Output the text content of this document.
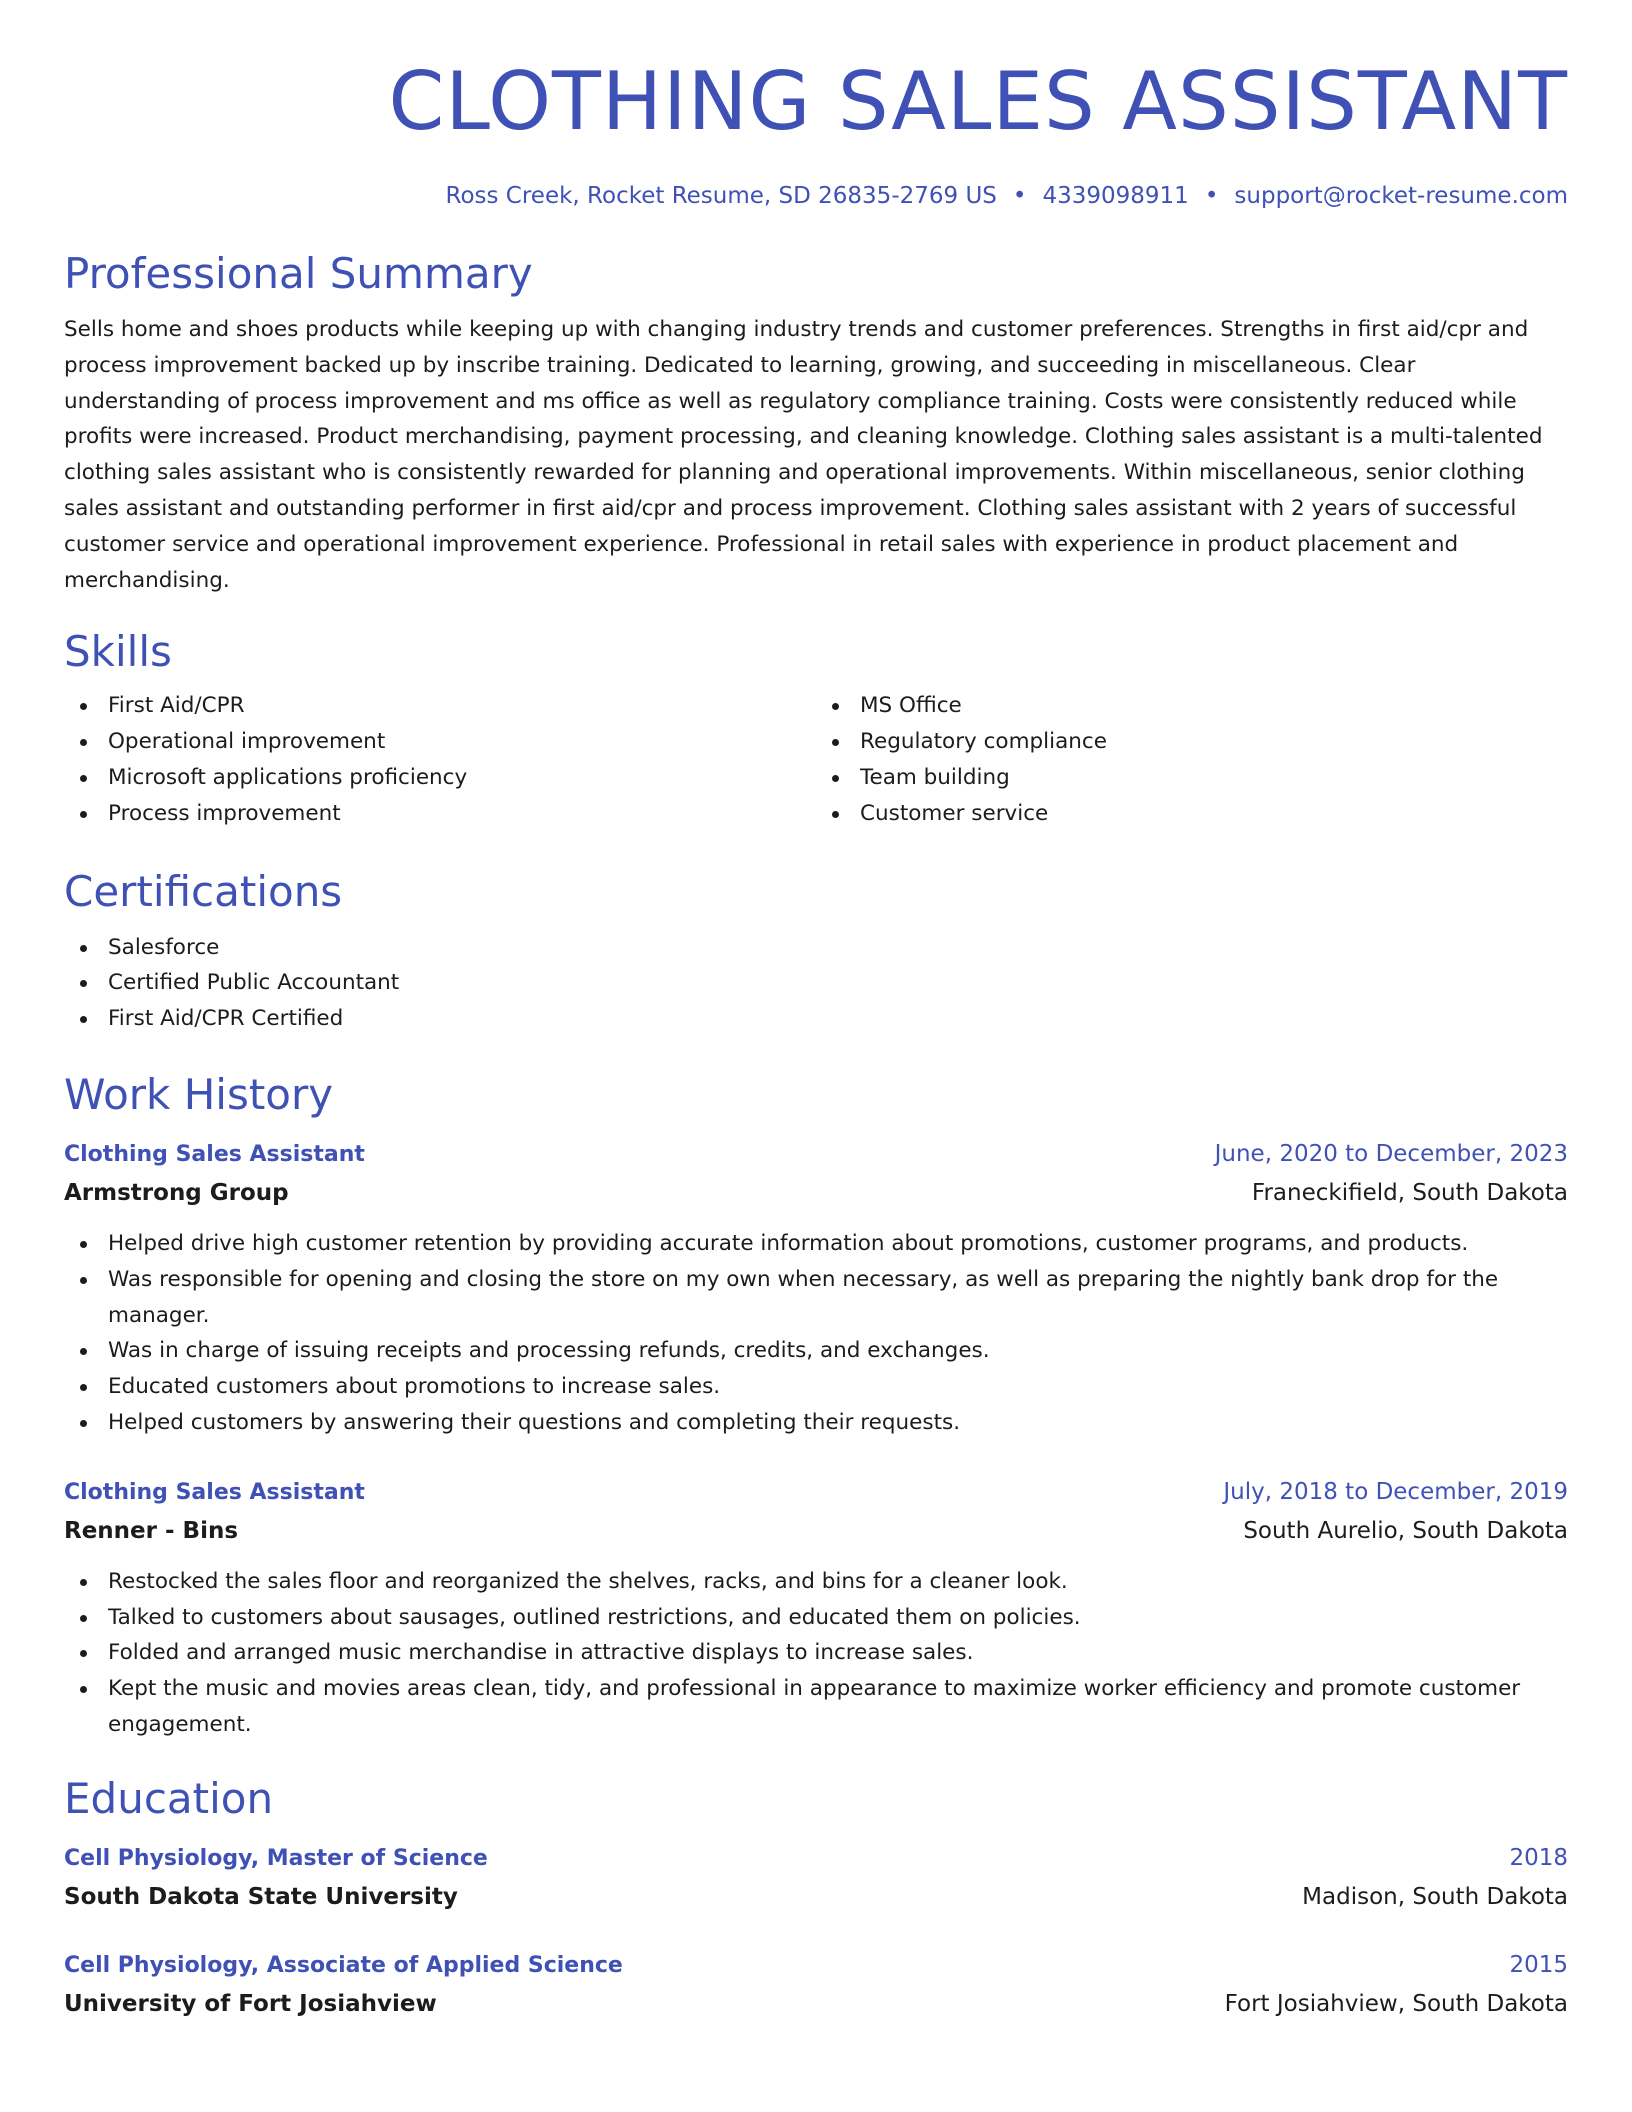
CLOTHING SALES ASSISTANT
Ross Creek, Rocket Resume, SD 26835-2769 US • 4339098911 • support@rocket-resume.com
Professional Summary

Sells home and shoes products while keeping up with changing industry trends and customer preferences. Strengths in first aid/cpr and process improvement backed up by inscribe training. Dedicated to learning, growing, and succeeding in miscellaneous. Clear understanding of process improvement and ms office as well as regulatory compliance training. Costs were consistently reduced while profits were increased. Product merchandising, payment processing, and cleaning knowledge. Clothing sales assistant is a multi-talented clothing sales assistant who is consistently rewarded for planning and operational improvements. Within miscellaneous, senior clothing sales assistant and outstanding performer in first aid/cpr and process improvement. Clothing sales assistant with 2 years of successful customer service and operational improvement experience. Professional in retail sales with experience in product placement and merchandising.

Skills
First Aid/CPR
Operational improvement
Microsoft applications proficiency
Process improvement
MS Office
Regulatory compliance
Team building
Customer service
Certifications
Salesforce
Certified Public Accountant
First Aid/CPR Certified
Work History
Clothing Sales Assistant	June, 2020 to December, 2023
Armstrong Group	Franeckifield, South Dakota
Helped drive high customer retention by providing accurate information about promotions, customer programs, and products.
Was responsible for opening and closing the store on my own when necessary, as well as preparing the nightly bank drop for the manager.
Was in charge of issuing receipts and processing refunds, credits, and exchanges.
Educated customers about promotions to increase sales.
Helped customers by answering their questions and completing their requests.
Clothing Sales Assistant	July, 2018 to December, 2019
Renner - Bins	South Aurelio, South Dakota
Restocked the sales floor and reorganized the shelves, racks, and bins for a cleaner look.
Talked to customers about sausages, outlined restrictions, and educated them on policies.
Folded and arranged music merchandise in attractive displays to increase sales.
Kept the music and movies areas clean, tidy, and professional in appearance to maximize worker efficiency and promote customer engagement.
Education
Cell Physiology, Master of Science	2018
South Dakota State University	Madison, South Dakota
Cell Physiology, Associate of Applied Science	2015
University of Fort Josiahview	Fort Josiahview, South Dakota
